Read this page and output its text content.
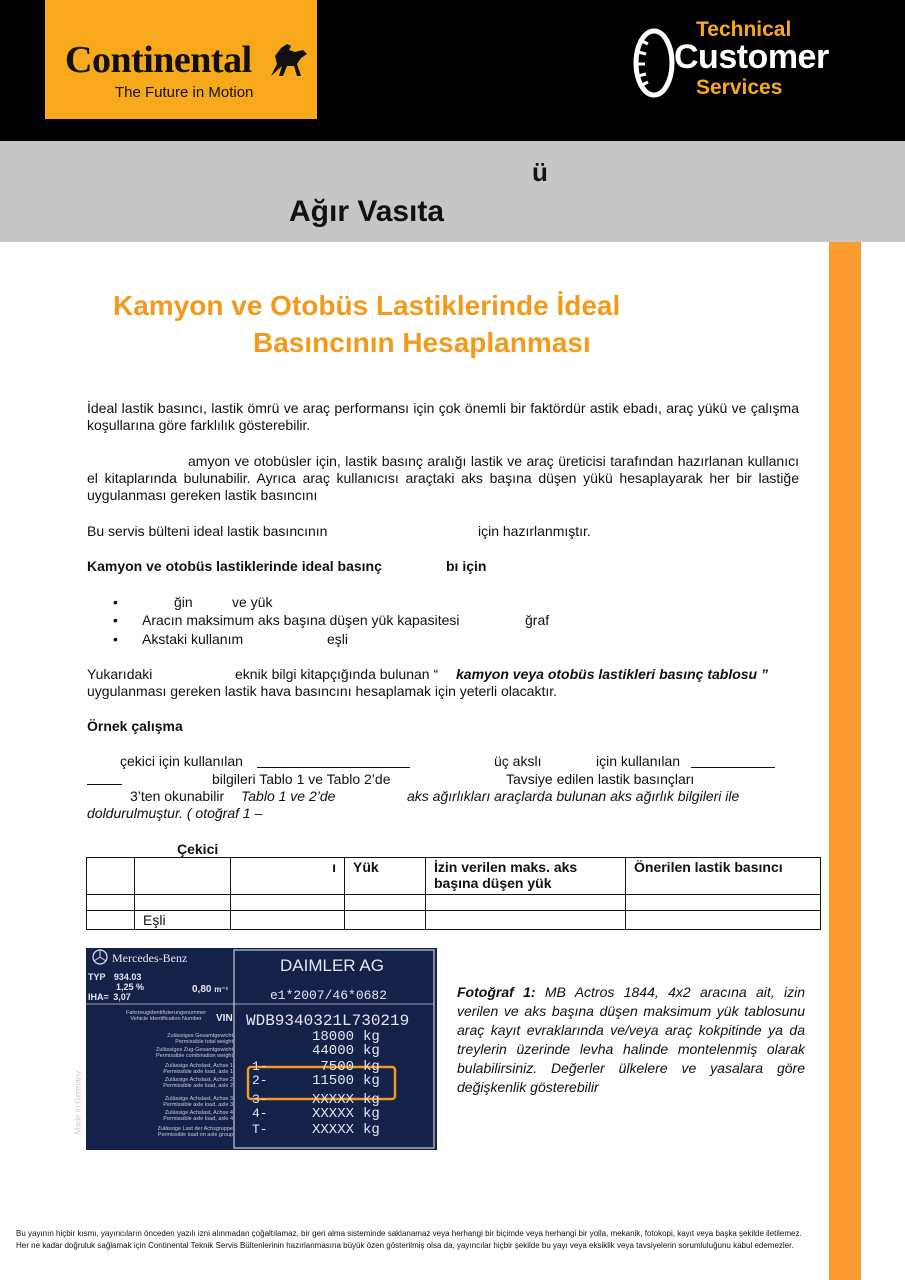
Continental
The Future in Motion
Technical
Customer
Services
ü
Ağır Vasıta
Kamyon ve Otobüs Lastiklerinde İdeal
Basıncının Hesaplanması

İdeal lastik basıncı, lastik ömrü ve araç performansı için çok önemli bir faktördür astik ebadı, araç yükü ve çalışma koşullarına göre farklılık gösterebilir.

amyon ve otobüsler için, lastik basınç aralığı lastik ve araç üreticisi tarafından hazırlanan kullanıcı el kitaplarında bulunabilir. Ayrıca araç kullanıcısı araçtaki aks başına düşen yükü hesaplayarak her bir lastiğe uygulanması gereken lastik basıncını

Bu servis bülteni ideal lastik basıncının	için hazırlanmıştır.
Kamyon ve otobüs lastiklerinde ideal basınç	bı için
•	ğin	ve yük
• Aracın maksimum aks başına düşen yük kapasitesi	ğraf
• Akstaki kullanım	eşli
Yukarıdaki	eknik bilgi kitapçığında bulunan “ kamyon veya otobüs lastikleri basınç tablosu ”
uygulanması gereken lastik hava basıncını hesaplamak için yeterli olacaktır.
Örnek çalışma
çekici için kullanılan	üç akslı	için kullanılan
bilgileri Tablo 1 ve Tablo 2’de	Tavsiye edilen lastik basınçları
3’ten okunabilir Tablo 1 ve 2’de	aks ağırlıkları araçlarda bulunan aks ağırlık bilgileri ile
doldurulmuştur. ( otoğraf 1 –
Çekici
		ı	Yük	İzin verilen maks. aks başına düşen yük	Önerilen lastik basıncı

	Eşli				
Mercedes-Benz	DAIMLER AG
e1*2007/46*0682
WDB9340321L730219
TYP 934.03
1,25 %
IHA= 3,07
0,80 m⁻¹
Fahrzeugidentifizierungsnummer
Vehicle Identification Number	VIN
Made in Germany
Zulässiges Gesamtgewicht
Permissible total weight	18000 kg
Zulässiges Zug-Gesamtgewicht
Permissible combination weight	44000 kg
Zulässige Achslast, Achse 1
Permissible axle load, axle 1 1-	7500 kg
Zulässige Achslast, Achse 2
Permissible axle load, axle 2 2-	11500 kg
Zulässige Achslast, Achse 3
Permissible axle load, axle 3 3-	XXXXX kg
Zulässige Achslast, Achse 4
Permissible axle load, axle 4 4-	XXXXX kg
Zulässige Last der Achsgruppe
Permissible load on axle group T-	XXXXX kg
Fotoğraf 1: MB Actros 1844, 4x2 aracına ait, izin verilen ve aks başına düşen maksimum yük tablosunu araç kayıt evraklarında ve/veya araç kokpitinde ya da treylerin üzerinde levha halinde montelenmiş olarak bulabilirsiniz. Değerler ülkelere ve yasalara göre değişkenlik gösterebilir
Bu yayının hiçbir kısmı, yayıncıların önceden yazılı izni alınmadan çoğaltılamaz, bir geri alma sisteminde saklanamaz veya herhangi bir biçimde veya herhangi bir yolla, mekanik, fotokopi, kayıt veya başka şekilde iletilemez. Her ne kadar doğruluk sağlamak için Continental Teknik Servis Bültenlerinin hazırlanmasına büyük özen gösterilmiş olsa da, yayıncılar hiçbir şekilde bu yayı veya eksiklik veya tavsiyelerin sorumluluğunu kabul edemezler.
